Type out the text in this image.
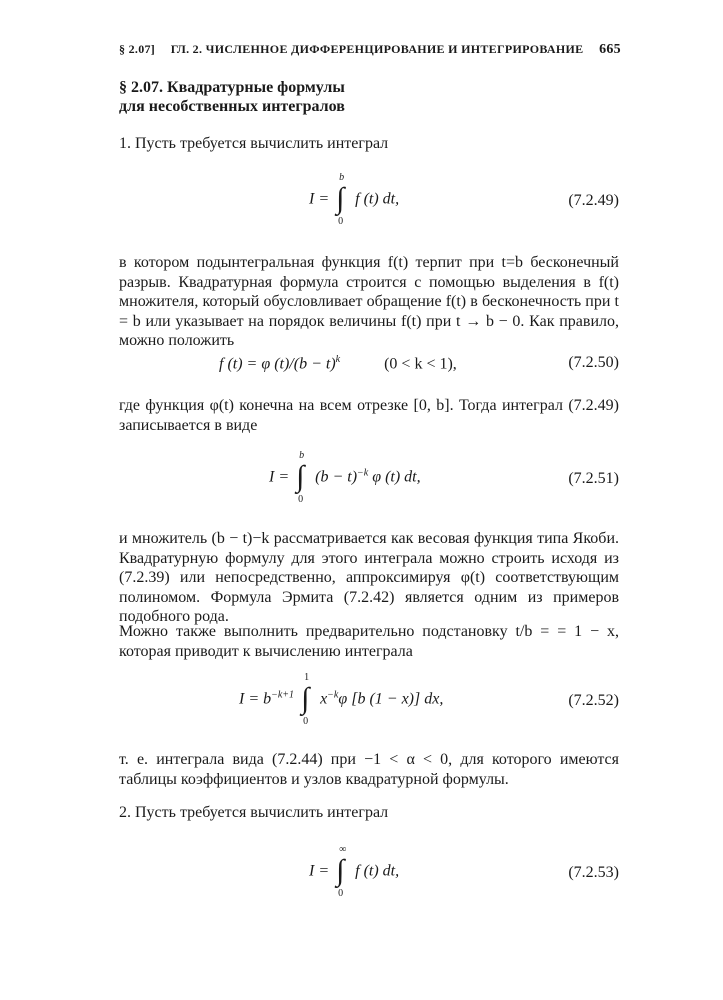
§ 2.07] ГЛ. 2. ЧИСЛЕННОЕ ДИФФЕРЕНЦИРОВАНИЕ И ИНТЕГРИРОВАНИЕ 665
§ 2.07. Квадратурные формулы
для несобственных интегралов
1. Пусть требуется вычислить интеграл
I =
b
∫
0
f (t) dt,	(7.2.49)
в котором подынтегральная функция f(t) терпит при t=b бесконечный разрыв. Квадратурная формула строится с помощью выделения в f(t) множителя, который обусловливает обращение f(t) в бесконечность при t = b или указывает на порядок величины f(t) при t → b − 0. Как правило, можно положить
f (t) = φ $(t)/(b - t)^k$	(0 < k < 1),	(7.2.50)
где функция φ(t) конечна на всем отрезке [0, b]. Тогда интеграл (7.2.49) записывается в виде
I =
b
∫
0
$(b - t)^{-k}$ φ (t) dt,	(7.2.51)
и множитель (b − t)−k рассматривается как весовая функция типа Якоби. Квадратурную формулу для этого интеграла можно строить исходя из (7.2.39) или непосредственно, аппроксимируя φ(t) соответствующим полиномом. Формула Эрмита (7.2.42) является одним из примеров подобного рода.
Можно также выполнить предварительно подстановку t/b = = 1 − x, которая приводит к вычислению интеграла
$I = b^{-k+1}$
1
∫
0
$x^{-k}\varphi$ [b (1 − x)] dx,	(7.2.52)
т. е. интеграла вида (7.2.44) при −1 < α < 0, для которого имеются таблицы коэффициентов и узлов квадратурной формулы.
2. Пусть требуется вычислить интеграл
I =
∞
∫
0
f (t) dt,	(7.2.53)
